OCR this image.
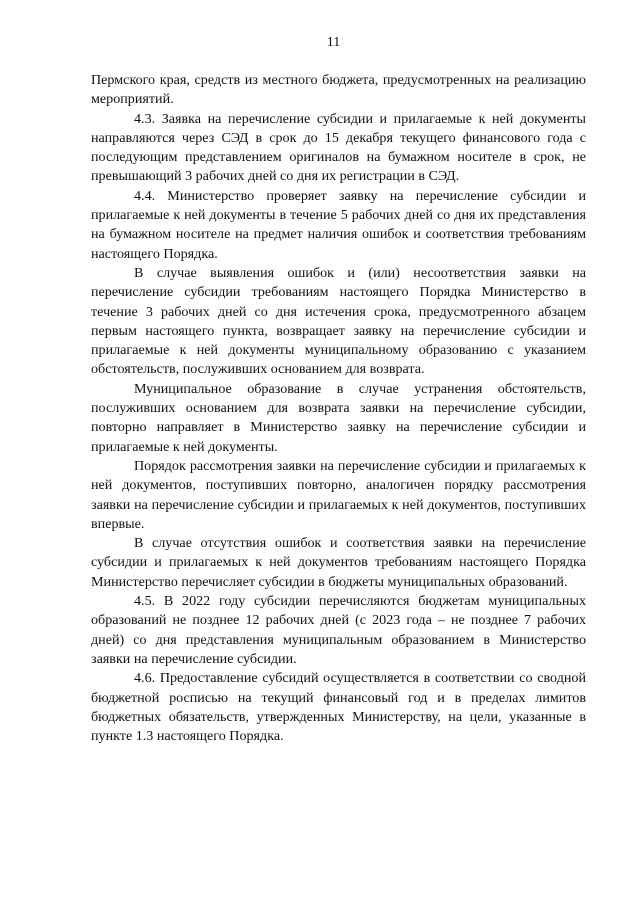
11

Пермского края, средств из местного бюджета, предусмотренных на реализацию мероприятий.

4.3. Заявка на перечисление субсидии и прилагаемые к ней документы направляются через СЭД в срок до 15 декабря текущего финансового года с последующим представлением оригиналов на бумажном носителе в срок, не превышающий 3 рабочих дней со дня их регистрации в СЭД.

4.4. Министерство проверяет заявку на перечисление субсидии и прилагаемые к ней документы в течение 5 рабочих дней со дня их представления на бумажном носителе на предмет наличия ошибок и соответствия требованиям настоящего Порядка.

В случае выявления ошибок и (или) несоответствия заявки на перечисление субсидии требованиям настоящего Порядка Министерство в течение 3 рабочих дней со дня истечения срока, предусмотренного абзацем первым настоящего пункта, возвращает заявку на перечисление субсидии и прилагаемые к ней документы муниципальному образованию с указанием обстоятельств, послуживших основанием для возврата.

Муниципальное образование в случае устранения обстоятельств, послуживших основанием для возврата заявки на перечисление субсидии, повторно направляет в Министерство заявку на перечисление субсидии и прилагаемые к ней документы.

Порядок рассмотрения заявки на перечисление субсидии и прилагаемых к ней документов, поступивших повторно, аналогичен порядку рассмотрения заявки на перечисление субсидии и прилагаемых к ней документов, поступивших впервые.

В случае отсутствия ошибок и соответствия заявки на перечисление субсидии и прилагаемых к ней документов требованиям настоящего Порядка Министерство перечисляет субсидии в бюджеты муниципальных образований.

4.5. В 2022 году субсидии перечисляются бюджетам муниципальных образований не позднее 12 рабочих дней (с 2023 года – не позднее 7 рабочих дней) со дня представления муниципальным образованием в Министерство заявки на перечисление субсидии.

4.6. Предоставление субсидий осуществляется в соответствии со сводной бюджетной росписью на текущий финансовый год и в пределах лимитов бюджетных обязательств, утвержденных Министерству, на цели, указанные в пункте 1.3 настоящего Порядка.
